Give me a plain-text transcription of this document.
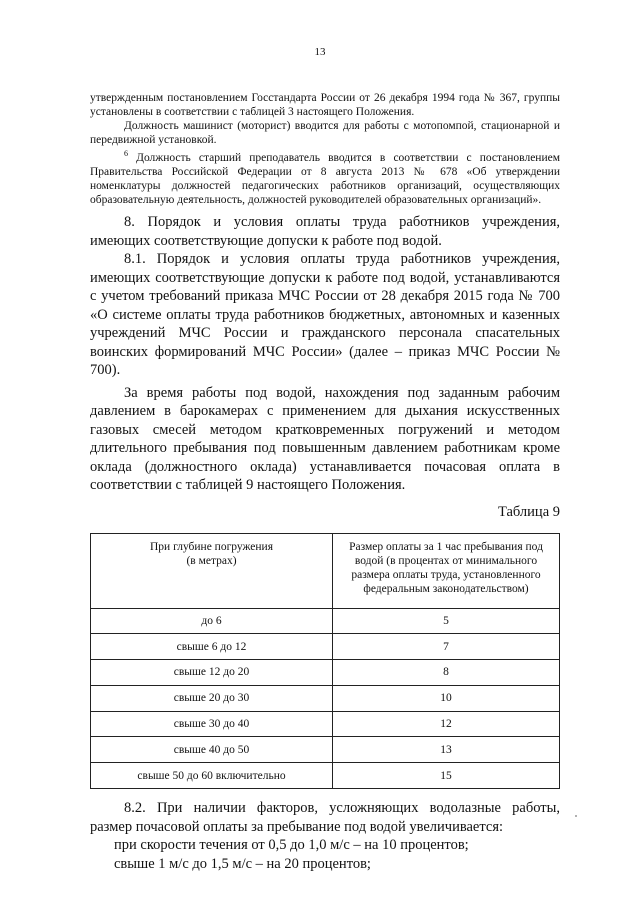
13

утвержденным постановлением Госстандарта России от 26 декабря 1994 года № 367, группы установлены в соответствии с таблицей 3 настоящего Положения.

Должность машинист (моторист) вводится для работы с мотопомпой, стационарной и передвижной установкой.

$^6$ Должность старший преподаватель вводится в соответствии с постановлением Правительства Российской Федерации от 8 августа 2013 № 678 «Об утверждении номенклатуры должностей педагогических работников организаций, осуществляющих образовательную деятельность, должностей руководителей образовательных организаций».

8. Порядок и условия оплаты труда работников учреждения, имеющих соответствующие допуски к работе под водой.

8.1. Порядок и условия оплаты труда работников учреждения, имеющих соответствующие допуски к работе под водой, устанавливаются с учетом требований приказа МЧС России от 28 декабря 2015 года № 700 «О системе оплаты труда работников бюджетных, автономных и казенных учреждений МЧС России и гражданского персонала спасательных воинских формирований МЧС России» (далее – приказ МЧС России № 700).

За время работы под водой, нахождения под заданным рабочим давлением в барокамерах с применением для дыхания искусственных газовых смесей методом кратковременных погружений и методом длительного пребывания под повышенным давлением работникам кроме оклада (должностного оклада) устанавливается почасовая оплата в соответствии с таблицей 9 настоящего Положения.

Таблица 9
При глубине погружения
(в метрах)	Размер оплаты за 1 час пребывания под водой (в процентах от минимального размера оплаты труда, установленного федеральным законодательством)
до 6	5
свыше 6 до 12	7
свыше 12 до 20	8
свыше 20 до 30	10
свыше 30 до 40	12
свыше 40 до 50	13
свыше 50 до 60 включительно	15

8.2. При наличии факторов, усложняющих водолазные работы, размер почасовой оплаты за пребывание под водой увеличивается:

при скорости течения от 0,5 до 1,0 м/с – на 10 процентов;

свыше 1 м/с до 1,5 м/с – на 20 процентов;
